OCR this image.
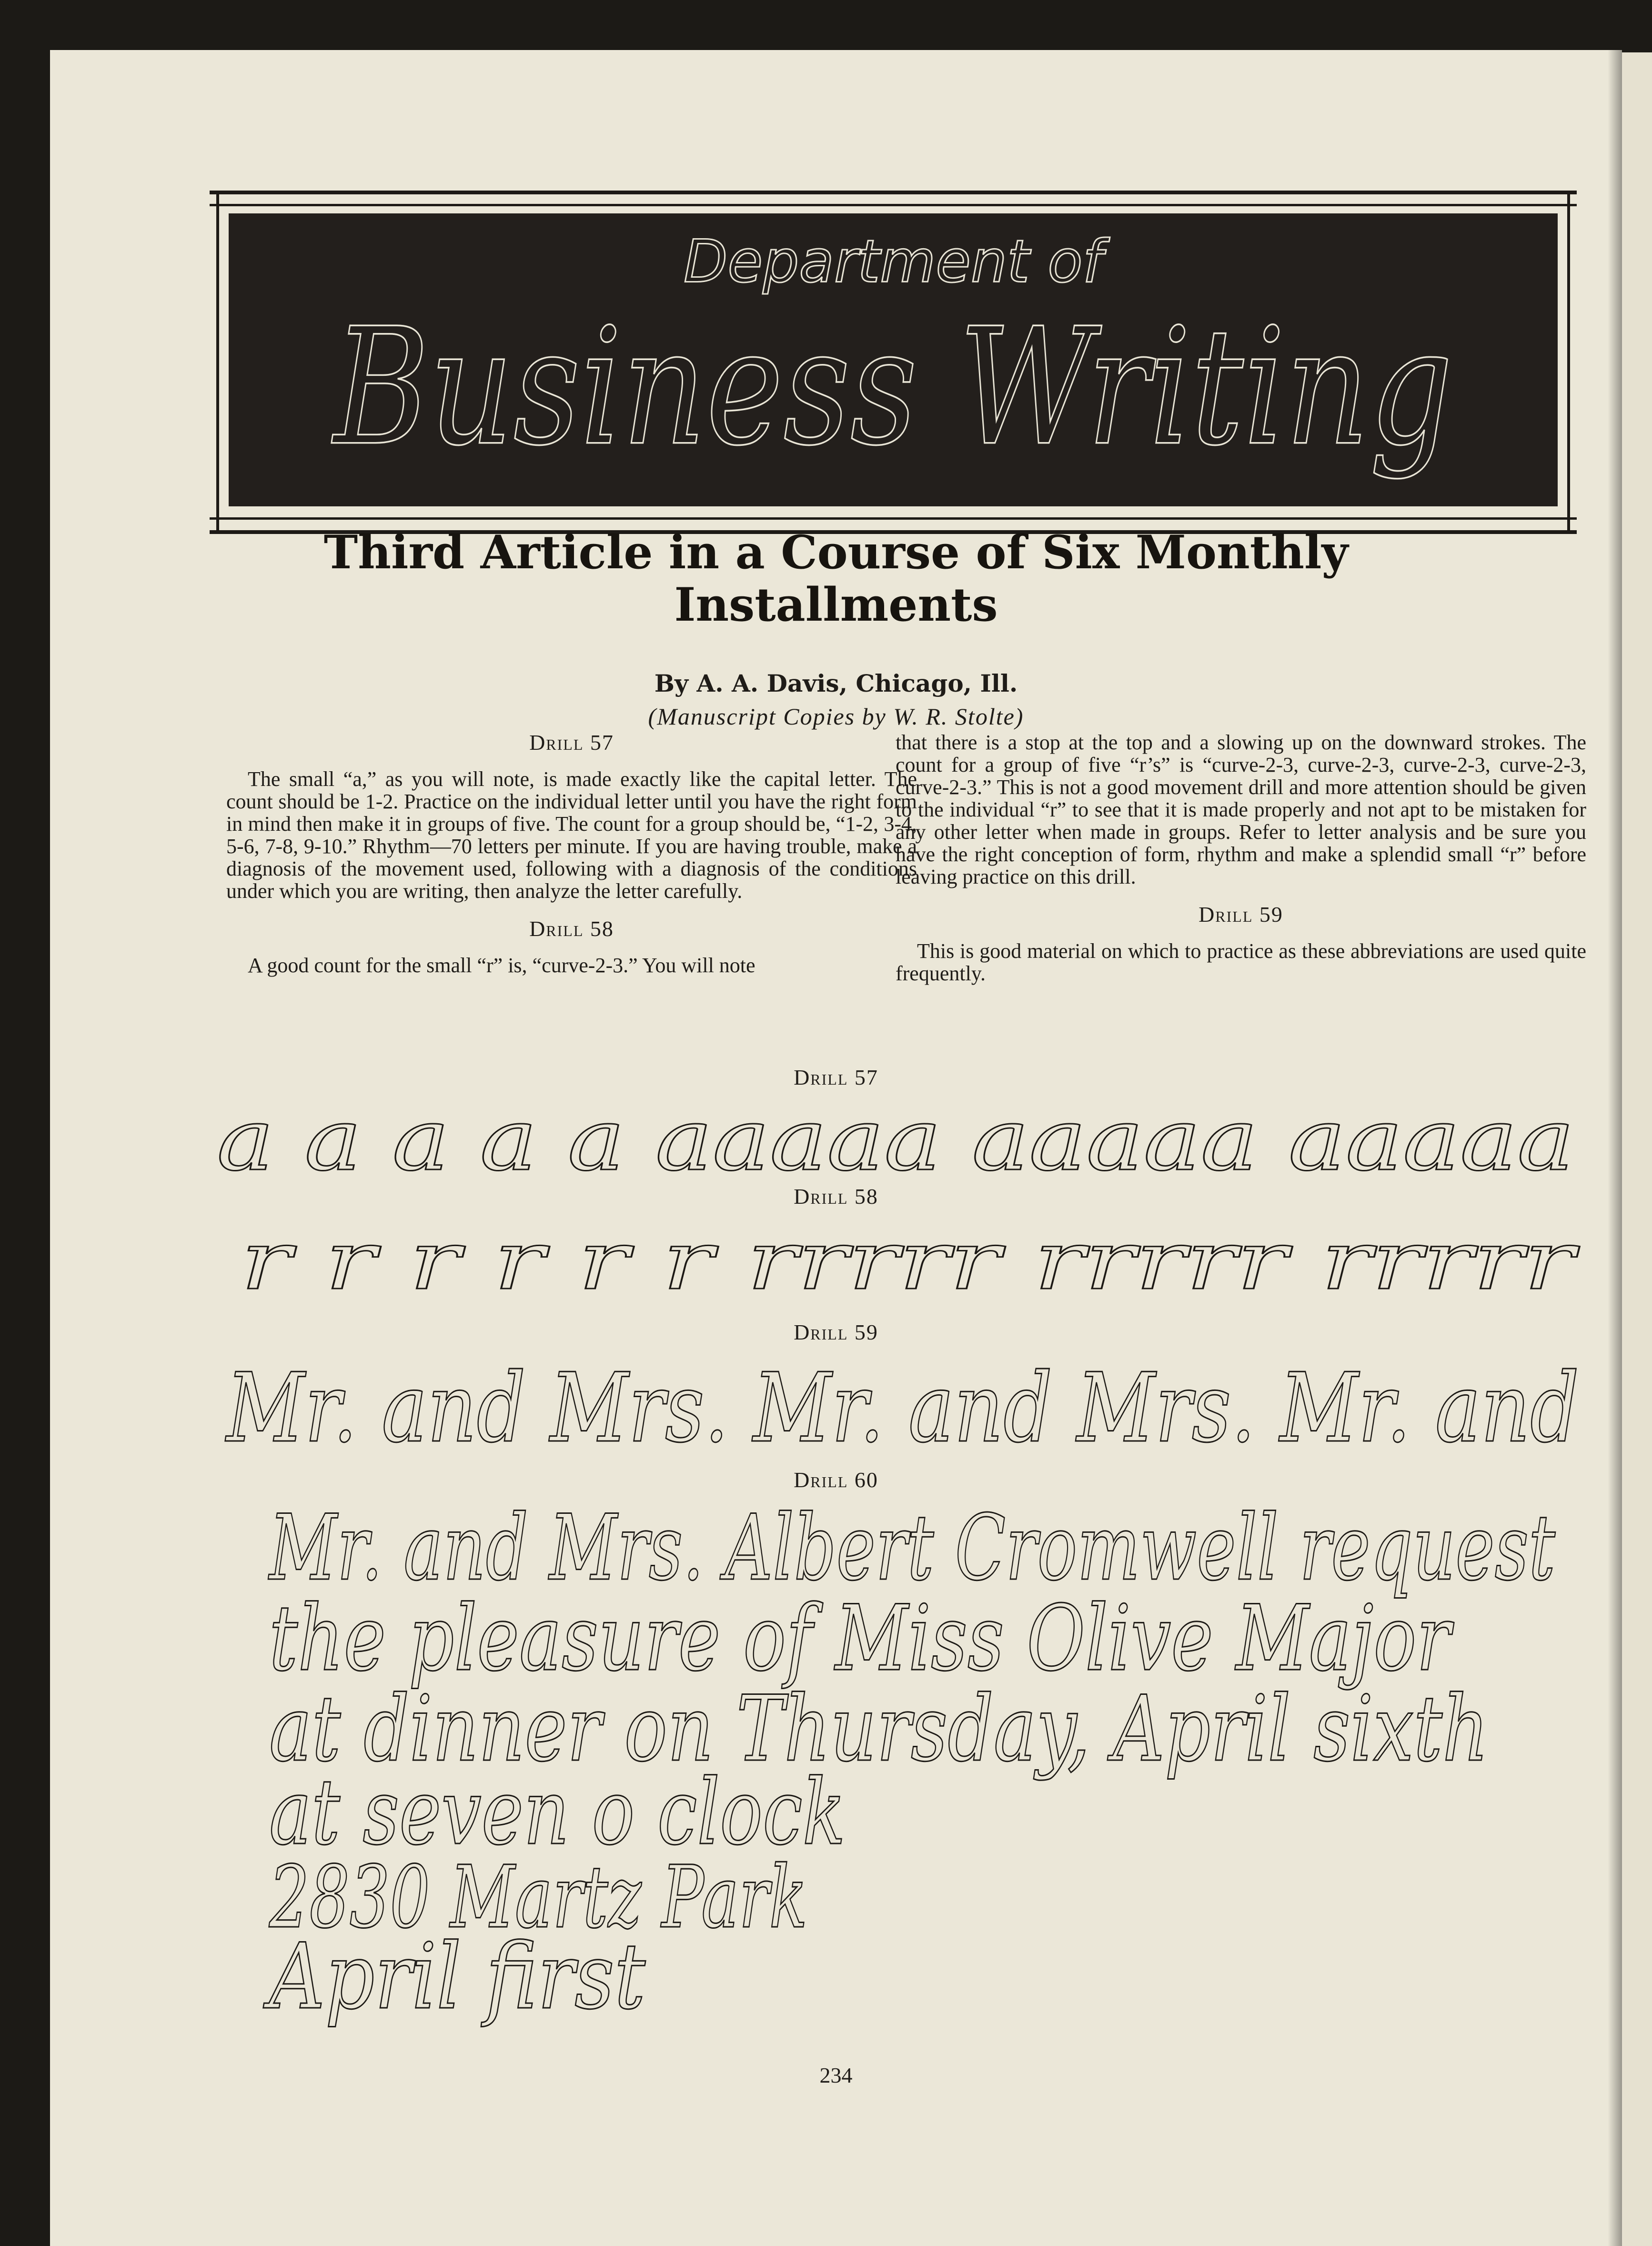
Department of
Business Writing
Third Article in a Course of Six Monthly Installments
By A. A. Davis, Chicago, Ill.
(Manuscript Copies by W. R. Stolte)

Drill 57

The small “a,” as you will note, is made exactly like the capital letter. The count should be 1-2. Practice on the individual letter until you have the right form in mind then make it in groups of five. The count for a group should be, “1-2, 3-4, 5-6, 7-8, 9-10.” Rhythm—70 letters per minute. If you are having trouble, make a diagnosis of the movement used, following with a diagnosis of the conditions under which you are writing, then analyze the letter carefully.

Drill 58

A good count for the small “r” is, “curve-2-3.” You will note

that there is a stop at the top and a slowing up on the downward strokes. The count for a group of five “r’s” is “curve-2-3, curve-2-3, curve-2-3, curve-2-3, curve-2-3.” This is not a good movement drill and more attention should be given to the individual “r” to see that it is made properly and not apt to be mistaken for any other letter when made in groups. Refer to letter analysis and be sure you have the right conception of form, rhythm and make a splendid small “r” before leaving practice on this drill.

Drill 59

This is good material on which to practice as these abbreviations are used quite frequently.

Drill 57
a a a a a aaaaa aaaaa aaaaa
Drill 58
r r r r r r rrrrr rrrrr rrrrr
Drill 59
Mr. and Mrs. Mr. and Mrs. Mr. and
Drill 60
Mr. and Mrs. Albert Cromwell request
the pleasure of Miss Olive Major
at dinner on Thursday, April sixth
at seven o clock
2830 Martz Park
April first
234
